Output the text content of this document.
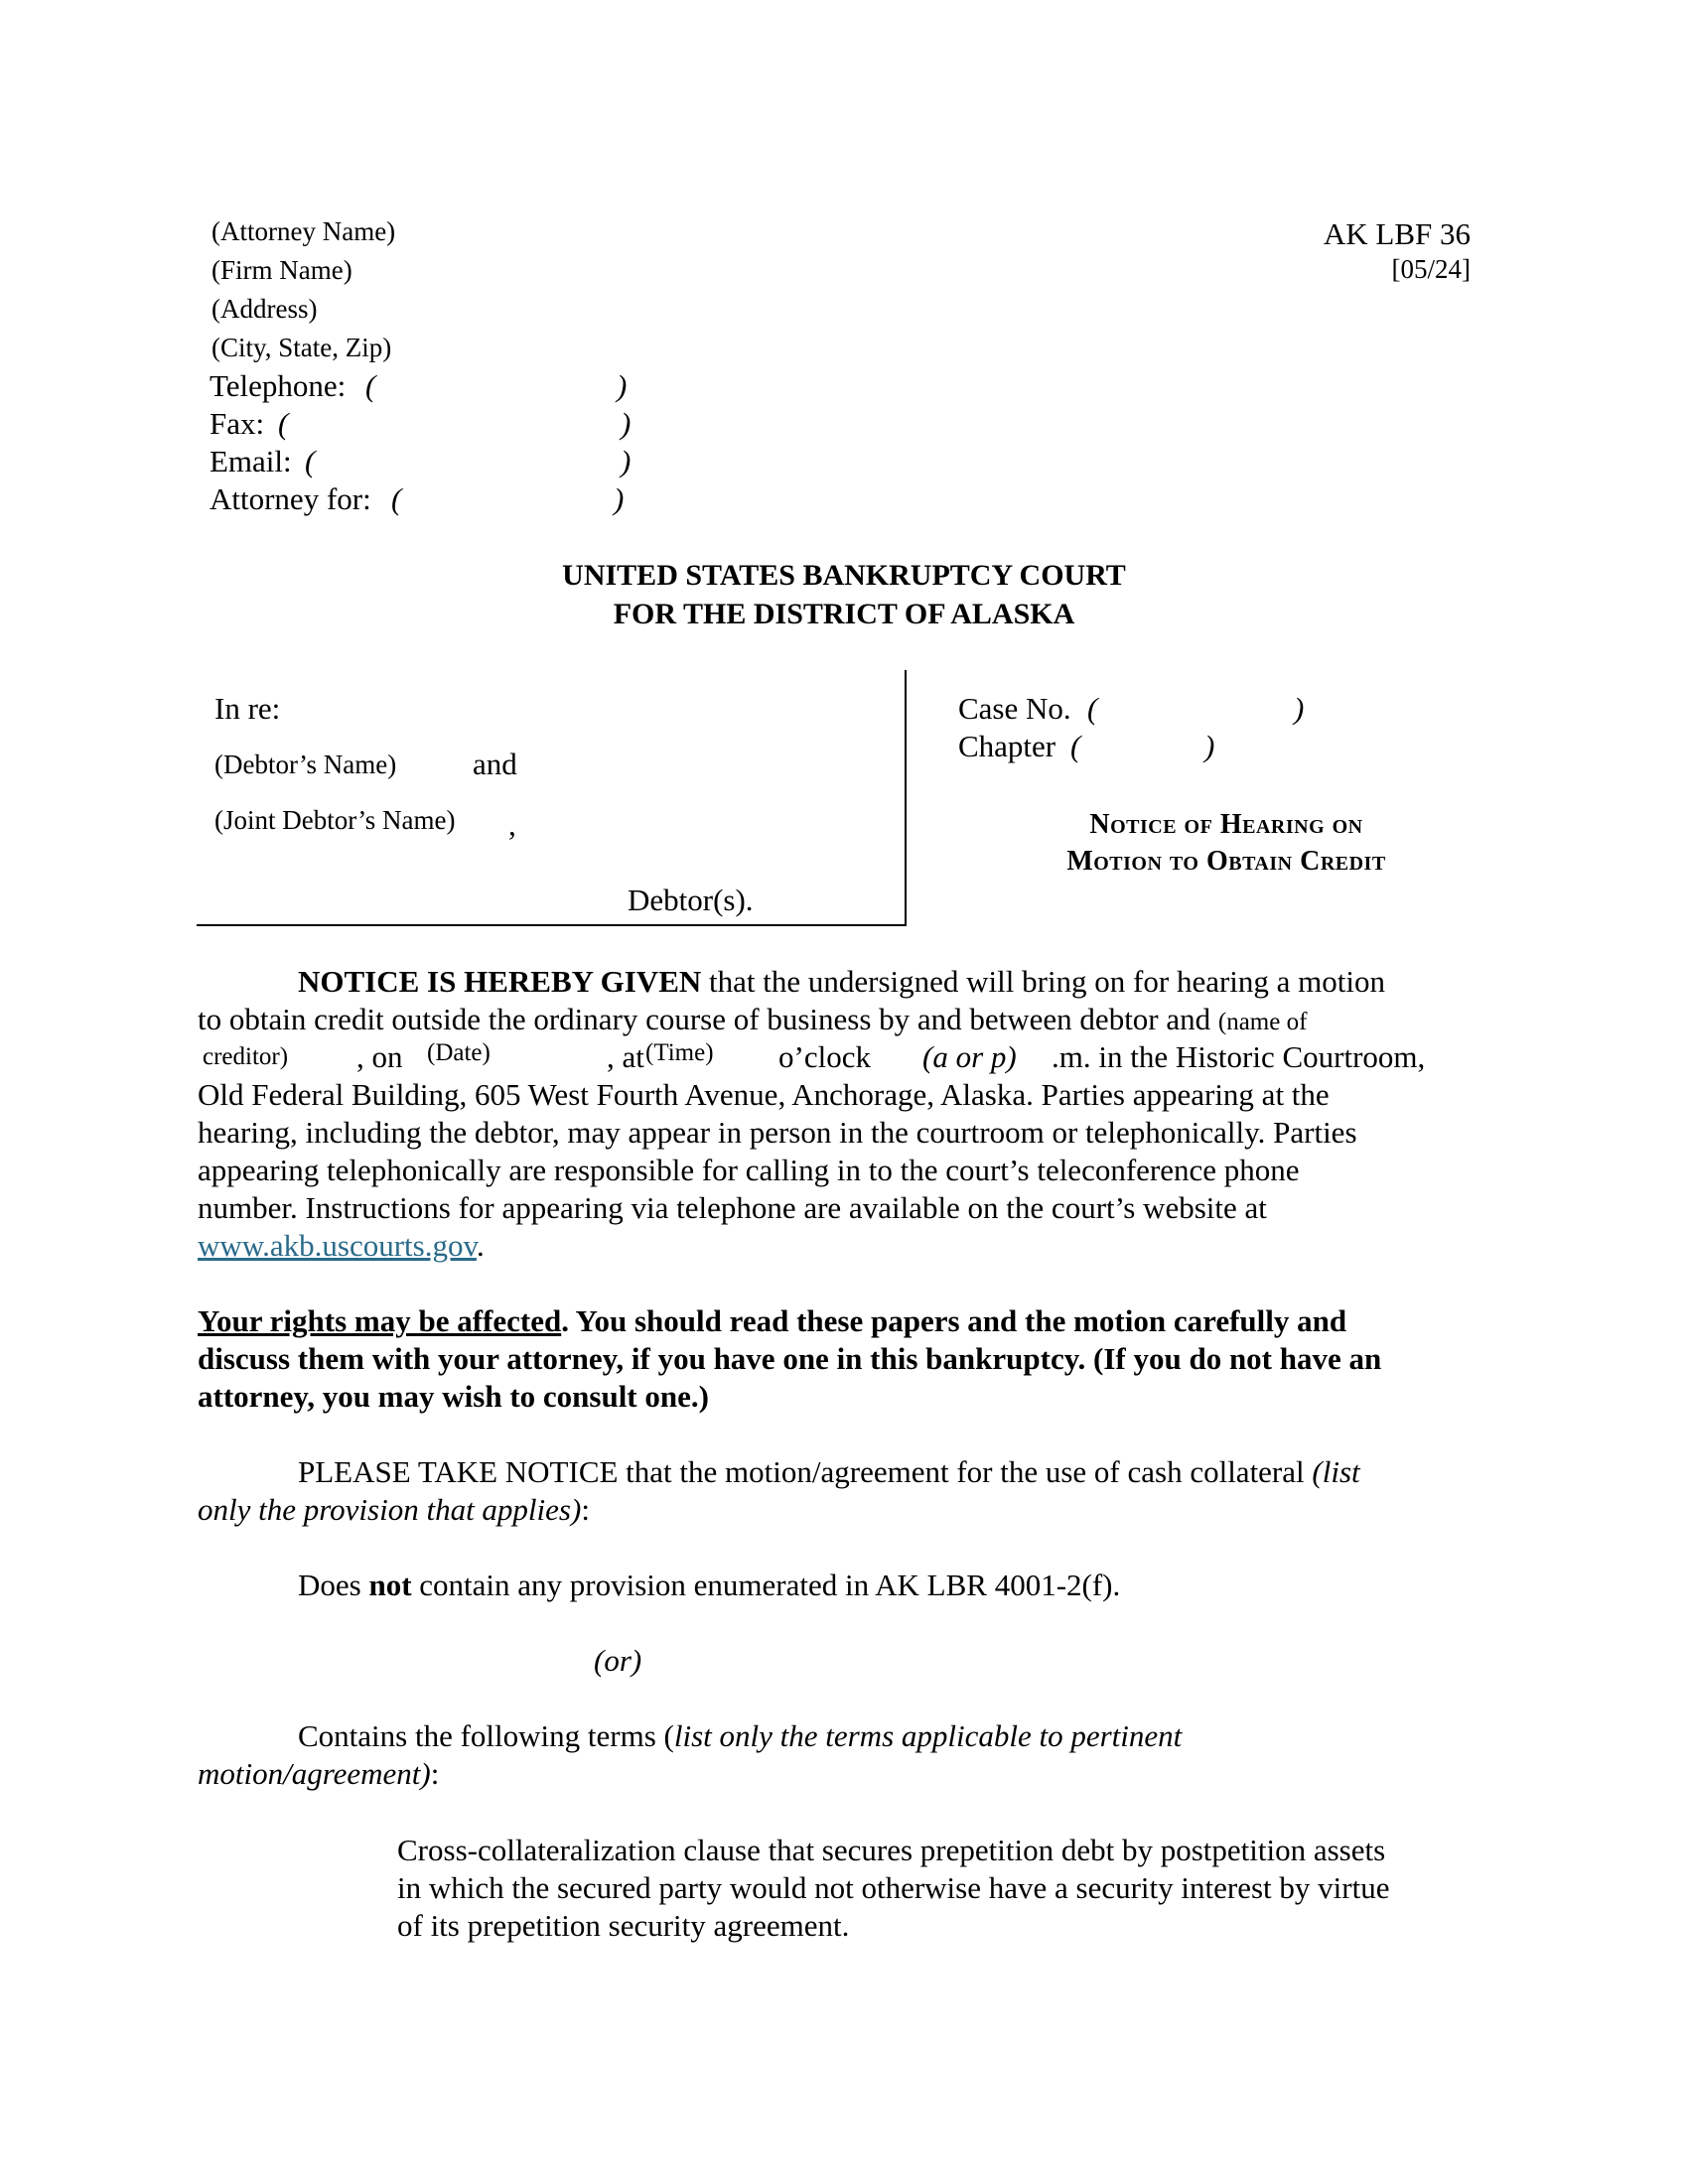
(Attorney Name)
(Firm Name)
(Address)
(City, State, Zip)
Telephone: (	)
Fax: (	)
Email: (	)
Attorney for: (	)
AK LBF 36
[05/24]
UNITED STATES BANKRUPTCY COURT
FOR THE DISTRICT OF ALASKA
In re:
(Debtor’s Name) and
(Joint Debtor’s Name) ,
Debtor(s).
Case No. (	)
Chapter (	)
Notice of Hearing on
Motion to Obtain Credit
NOTICE IS HEREBY GIVEN that the undersigned will bring on for hearing a motion
to obtain credit outside the ordinary course of business by and between debtor and (name of
creditor) , on (Date)	, at (Time) o’clock (a or p) .m. in the Historic Courtroom,
Old Federal Building, 605 West Fourth Avenue, Anchorage, Alaska. Parties appearing at the
hearing, including the debtor, may appear in person in the courtroom or telephonically. Parties
appearing telephonically are responsible for calling in to the court’s teleconference phone
number. Instructions for appearing via telephone are available on the court’s website at
www.akb.uscourts.gov.
Your rights may be affected. You should read these papers and the motion carefully and
discuss them with your attorney, if you have one in this bankruptcy. (If you do not have an
attorney, you may wish to consult one.)
PLEASE TAKE NOTICE that the motion/agreement for the use of cash collateral (list
only the provision that applies):
Does not contain any provision enumerated in AK LBR 4001-2(f).
(or)
Contains the following terms (list only the terms applicable to pertinent
motion/agreement):
Cross-collateralization clause that secures prepetition debt by postpetition assets
in which the secured party would not otherwise have a security interest by virtue
of its prepetition security agreement.
